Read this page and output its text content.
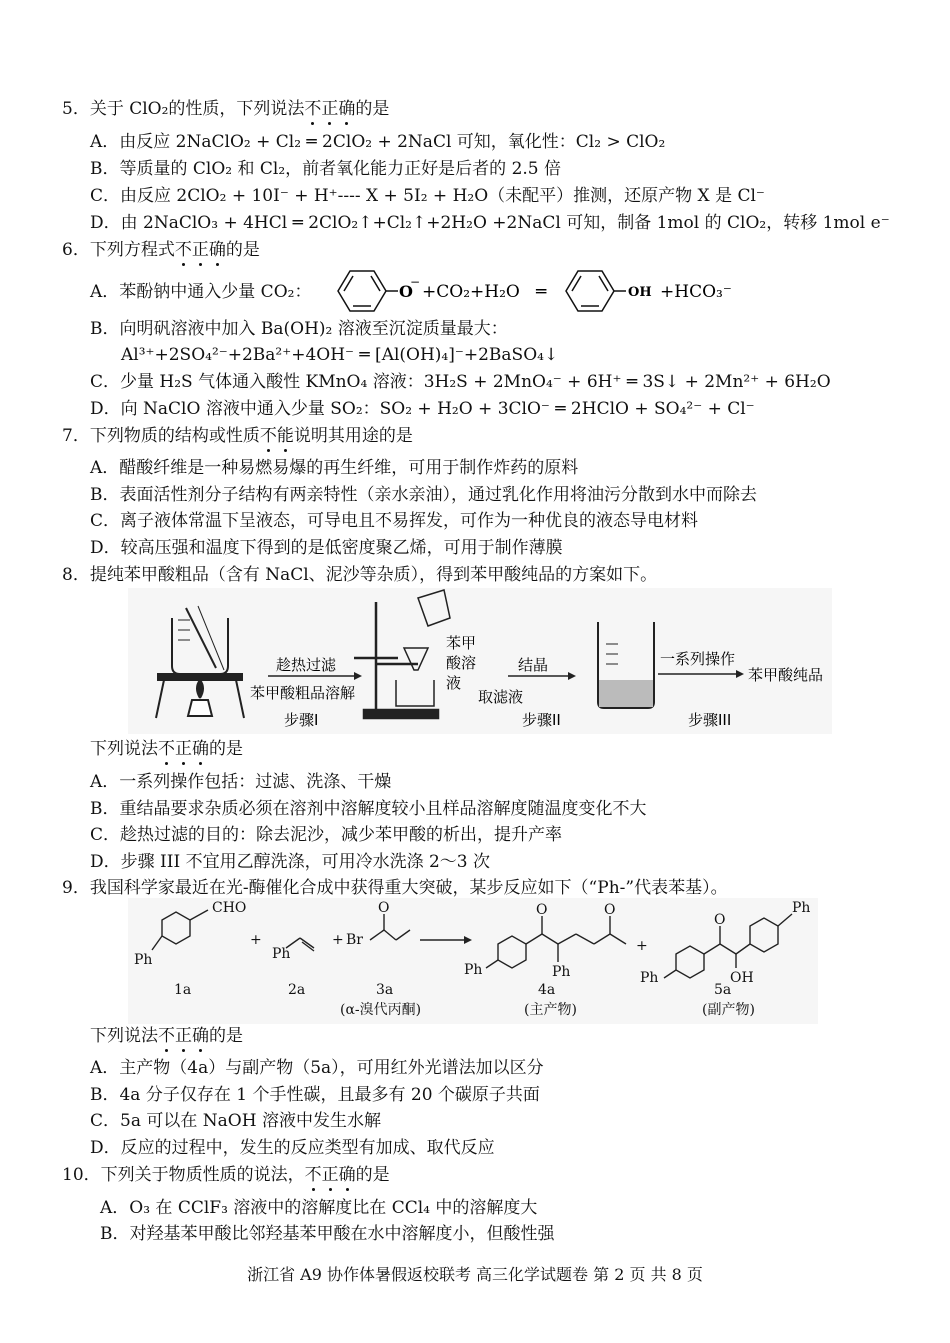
5．关于 ClO₂的性质，下列说法不正确的是
A．由反应 2NaClO₂ + Cl₂ ═ 2ClO₂ + 2NaCl 可知，氧化性：Cl₂ > ClO₂
B．等质量的 ClO₂ 和 Cl₂，前者氧化能力正好是后者的 2.5 倍
C．由反应 2ClO₂ + 10I⁻ + H⁺---- X + 5I₂ + H₂O（未配平）推测，还原产物 X 是 Cl⁻
D．由 2NaClO₃ + 4HCl ═ 2ClO₂↑+Cl₂↑+2H₂O +2NaCl 可知，制备 1mol 的 ClO₂，转移 1mol e⁻
6．下列方程式不正确的是
A．苯酚钠中通入少量 CO₂：	O
− +CO₂+H₂O ═	OH +HCO₃⁻
B．向明矾溶液中加入 Ba(OH)₂ 溶液至沉淀质量最大：
Al³⁺+2SO₄²⁻+2Ba²⁺+4OH⁻ ═ [Al(OH)₄]⁻+2BaSO₄↓
C．少量 H₂S 气体通入酸性 KMnO₄ 溶液：3H₂S + 2MnO₄⁻ + 6H⁺ ═ 3S↓ + 2Mn²⁺ + 6H₂O
D．向 NaClO 溶液中通入少量 SO₂：SO₂ + H₂O + 3ClO⁻ ═ 2HClO + SO₄²⁻ + Cl⁻
7．下列物质的结构或性质不能说明其用途的是
A．醋酸纤维是一种易燃易爆的再生纤维，可用于制作炸药的原料
B．表面活性剂分子结构有两亲特性（亲水亲油），通过乳化作用将油污分散到水中而除去
C．离子液体常温下呈液态，可导电且不易挥发，可作为一种优良的液态导电材料
D．较高压强和温度下得到的是低密度聚乙烯，可用于制作薄膜
8．提纯苯甲酸粗品（含有 NaCl、泥沙等杂质），得到苯甲酸纯品的方案如下。
趁热过滤
苯甲酸粗品溶解
步骤I
苯甲
酸溶
液
取滤液
结晶
步骤II
一系列操作
苯甲酸纯品
步骤III
下列说法不正确的是
A．一系列操作包括：过滤、洗涤、干燥
B．重结晶要求杂质必须在溶剂中溶解度较小且样品溶解度随温度变化不大
C．趁热过滤的目的：除去泥沙，减少苯甲酸的析出，提升产率
D．步骤 III 不宜用乙醇洗涤，可用冷水洗涤 2～3 次
9．我国科学家最近在光-酶催化合成中获得重大突破，某步反应如下（“Ph-”代表苯基）。
CHO
Ph
+
Ph
+ Br
O	O	O
Ph
Ph
+
O
OH
Ph
Ph
1a	2a	3a	4a	5a
(α-溴代丙酮)	(主产物)	(副产物)
下列说法不正确的是
A．主产物（4a）与副产物（5a），可用红外光谱法加以区分
B．4a 分子仅存在 1 个手性碳，且最多有 20 个碳原子共面
C．5a 可以在 NaOH 溶液中发生水解
D．反应的过程中，发生的反应类型有加成、取代反应
10．下列关于物质性质的说法，不正确的是
A．O₃ 在 CClF₃ 溶液中的溶解度比在 CCl₄ 中的溶解度大
B．对羟基苯甲酸比邻羟基苯甲酸在水中溶解度小，但酸性强
浙江省 A9 协作体暑假返校联考 高三化学试题卷 第 2 页 共 8 页
